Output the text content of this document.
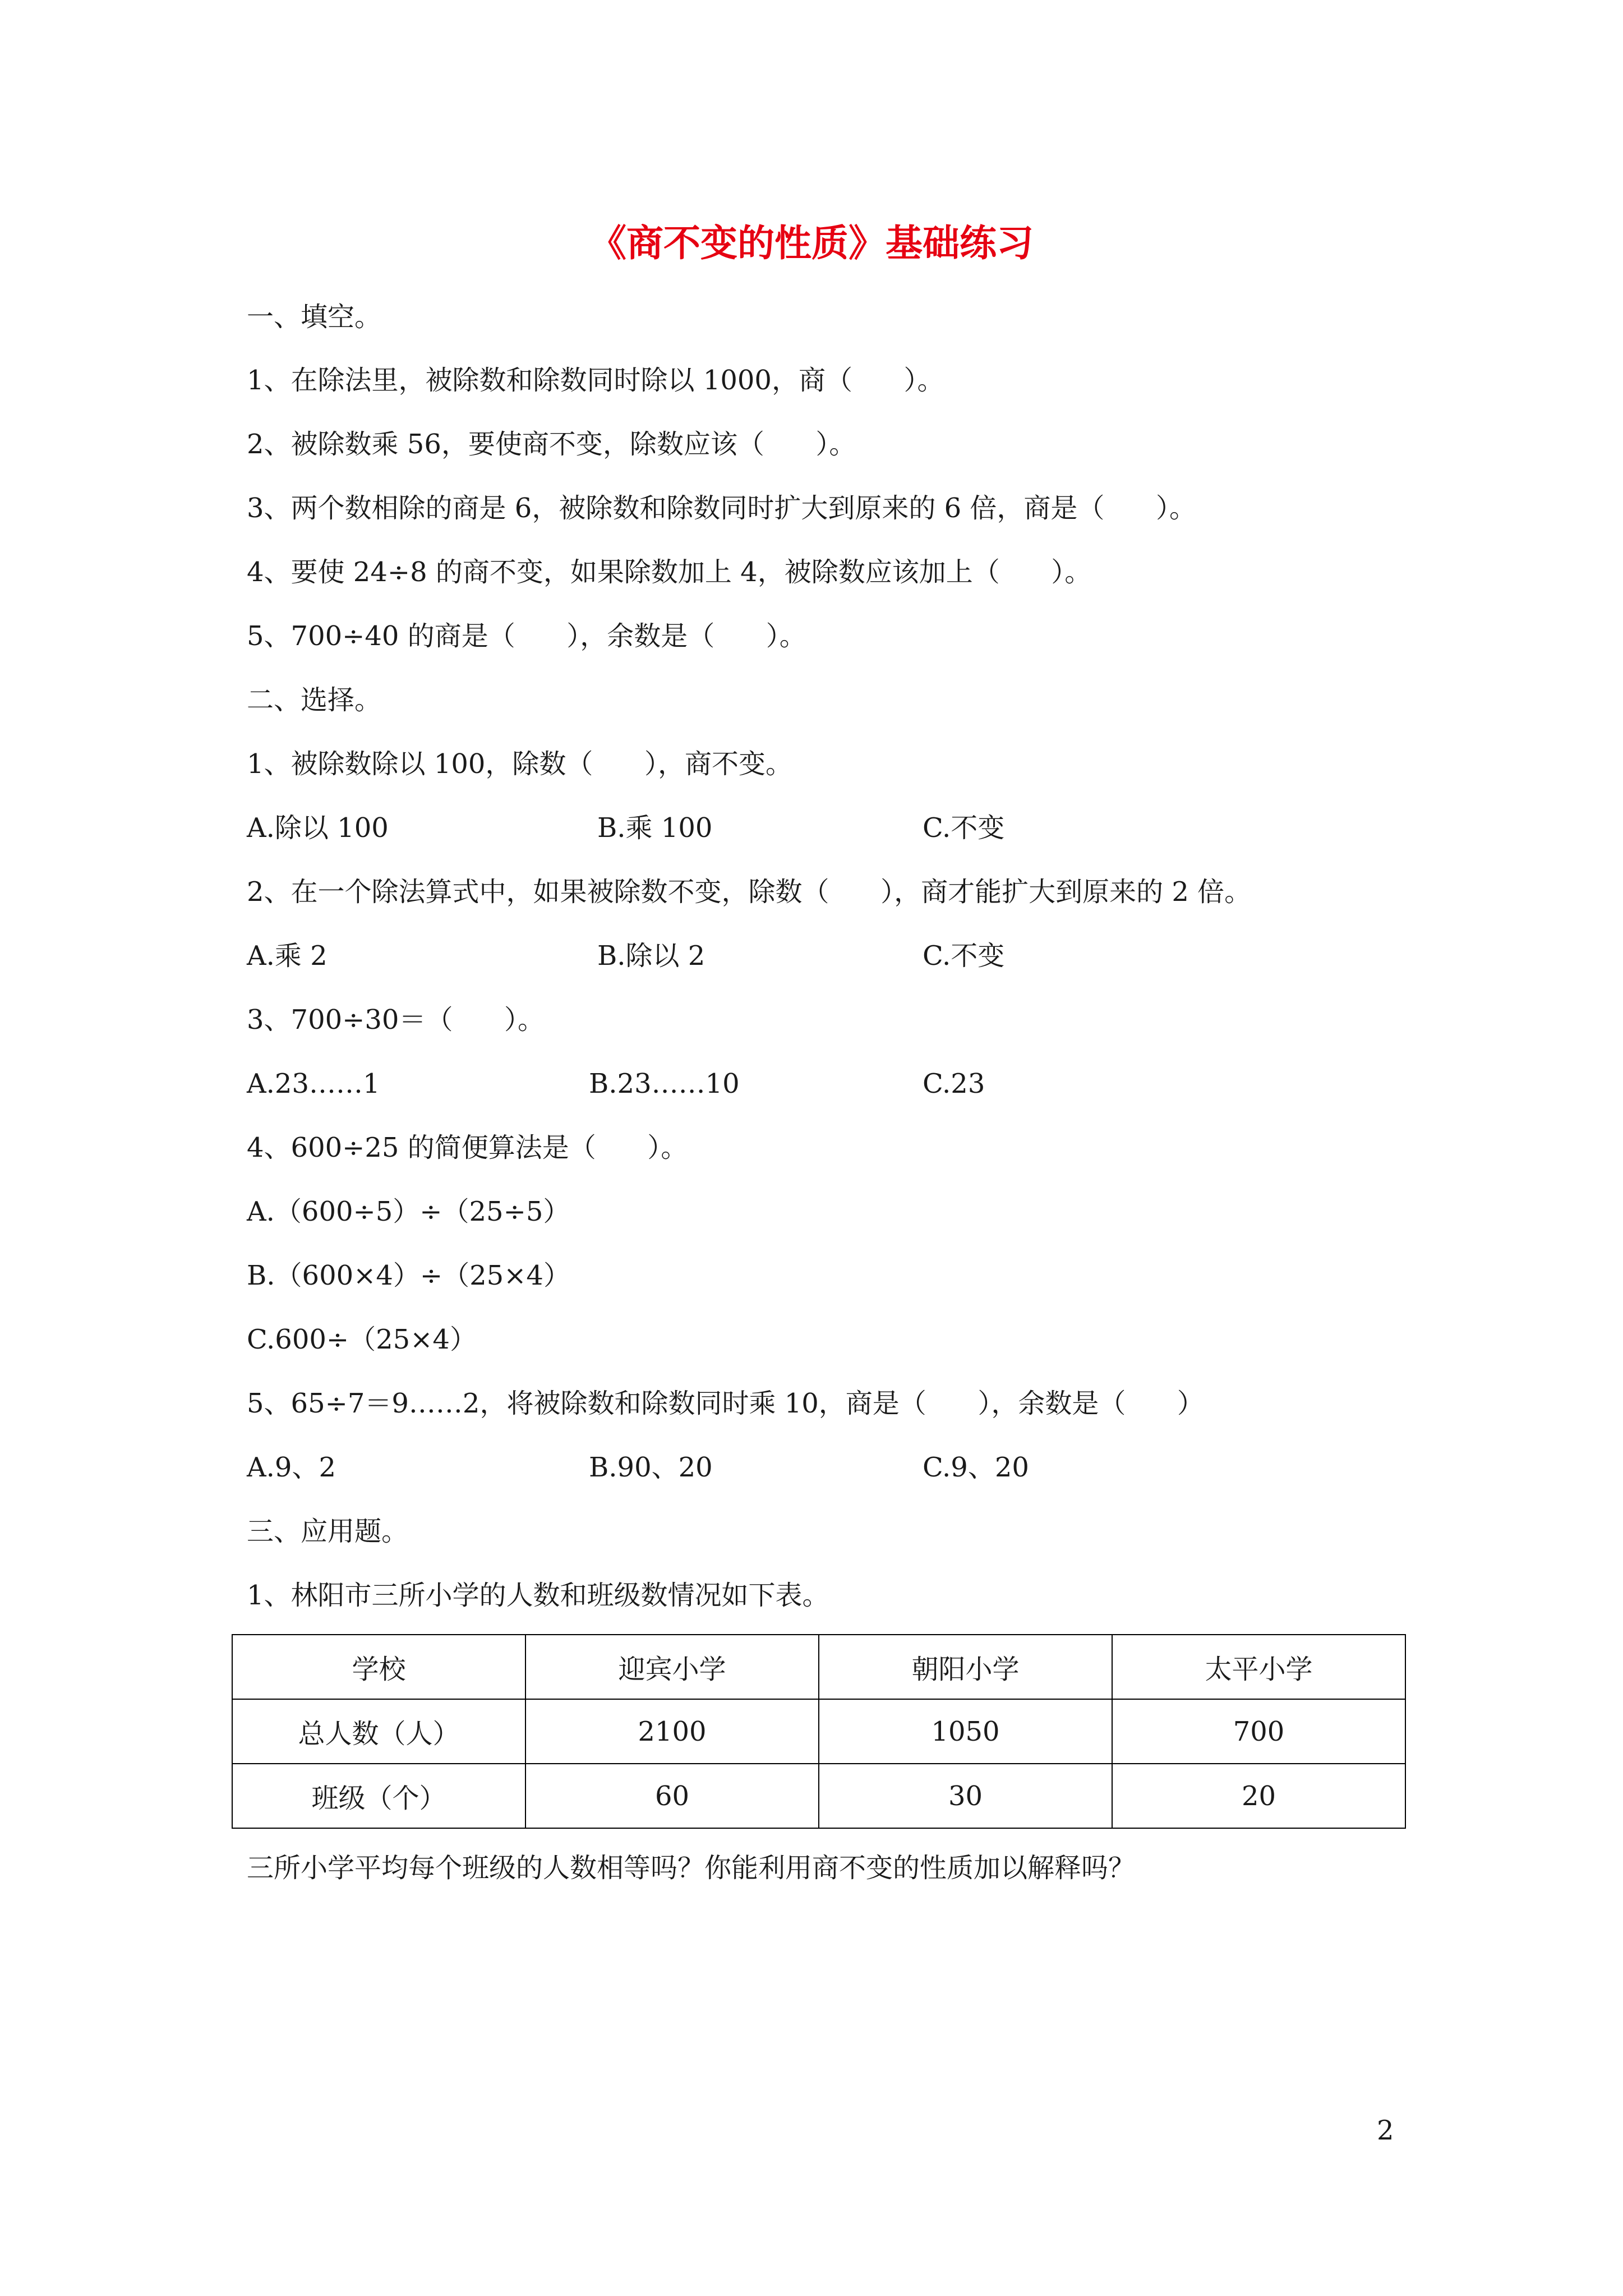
《商不变的性质》基础练习
一、填空。
1、在除法里，被除数和除数同时除以 1000，商（      ）。
2、被除数乘 56，要使商不变，除数应该（      ）。
3、两个数相除的商是 6，被除数和除数同时扩大到原来的 6 倍，商是（      ）。
4、要使 24÷8 的商不变，如果除数加上 4，被除数应该加上（      ）。
5、700÷40 的商是（      ），余数是（      ）。
二、选择。
1、被除数除以 100，除数（      ），商不变。
A.除以 100	B.乘 100	C.不变
2、在一个除法算式中，如果被除数不变，除数（      ），商才能扩大到原来的 2 倍。
A.乘 2	B.除以 2	C.不变
3、700÷30＝（      ）。
A.23……1	B.23……10	C.23
4、600÷25 的简便算法是（      ）。
A.（600÷5）÷（25÷5）
B.（600×4）÷（25×4）
C.600÷（25×4）
5、65÷7＝9……2，将被除数和除数同时乘 10，商是（      ），余数是（      ）
A.9、2	B.90、20	C.9、20
三、应用题。
1、林阳市三所小学的人数和班级数情况如下表。
学校	迎宾小学	朝阳小学	太平小学
总人数（人）	2100	1050	700
班级（个）	60	30	20
三所小学平均每个班级的人数相等吗？你能利用商不变的性质加以解释吗？
2
